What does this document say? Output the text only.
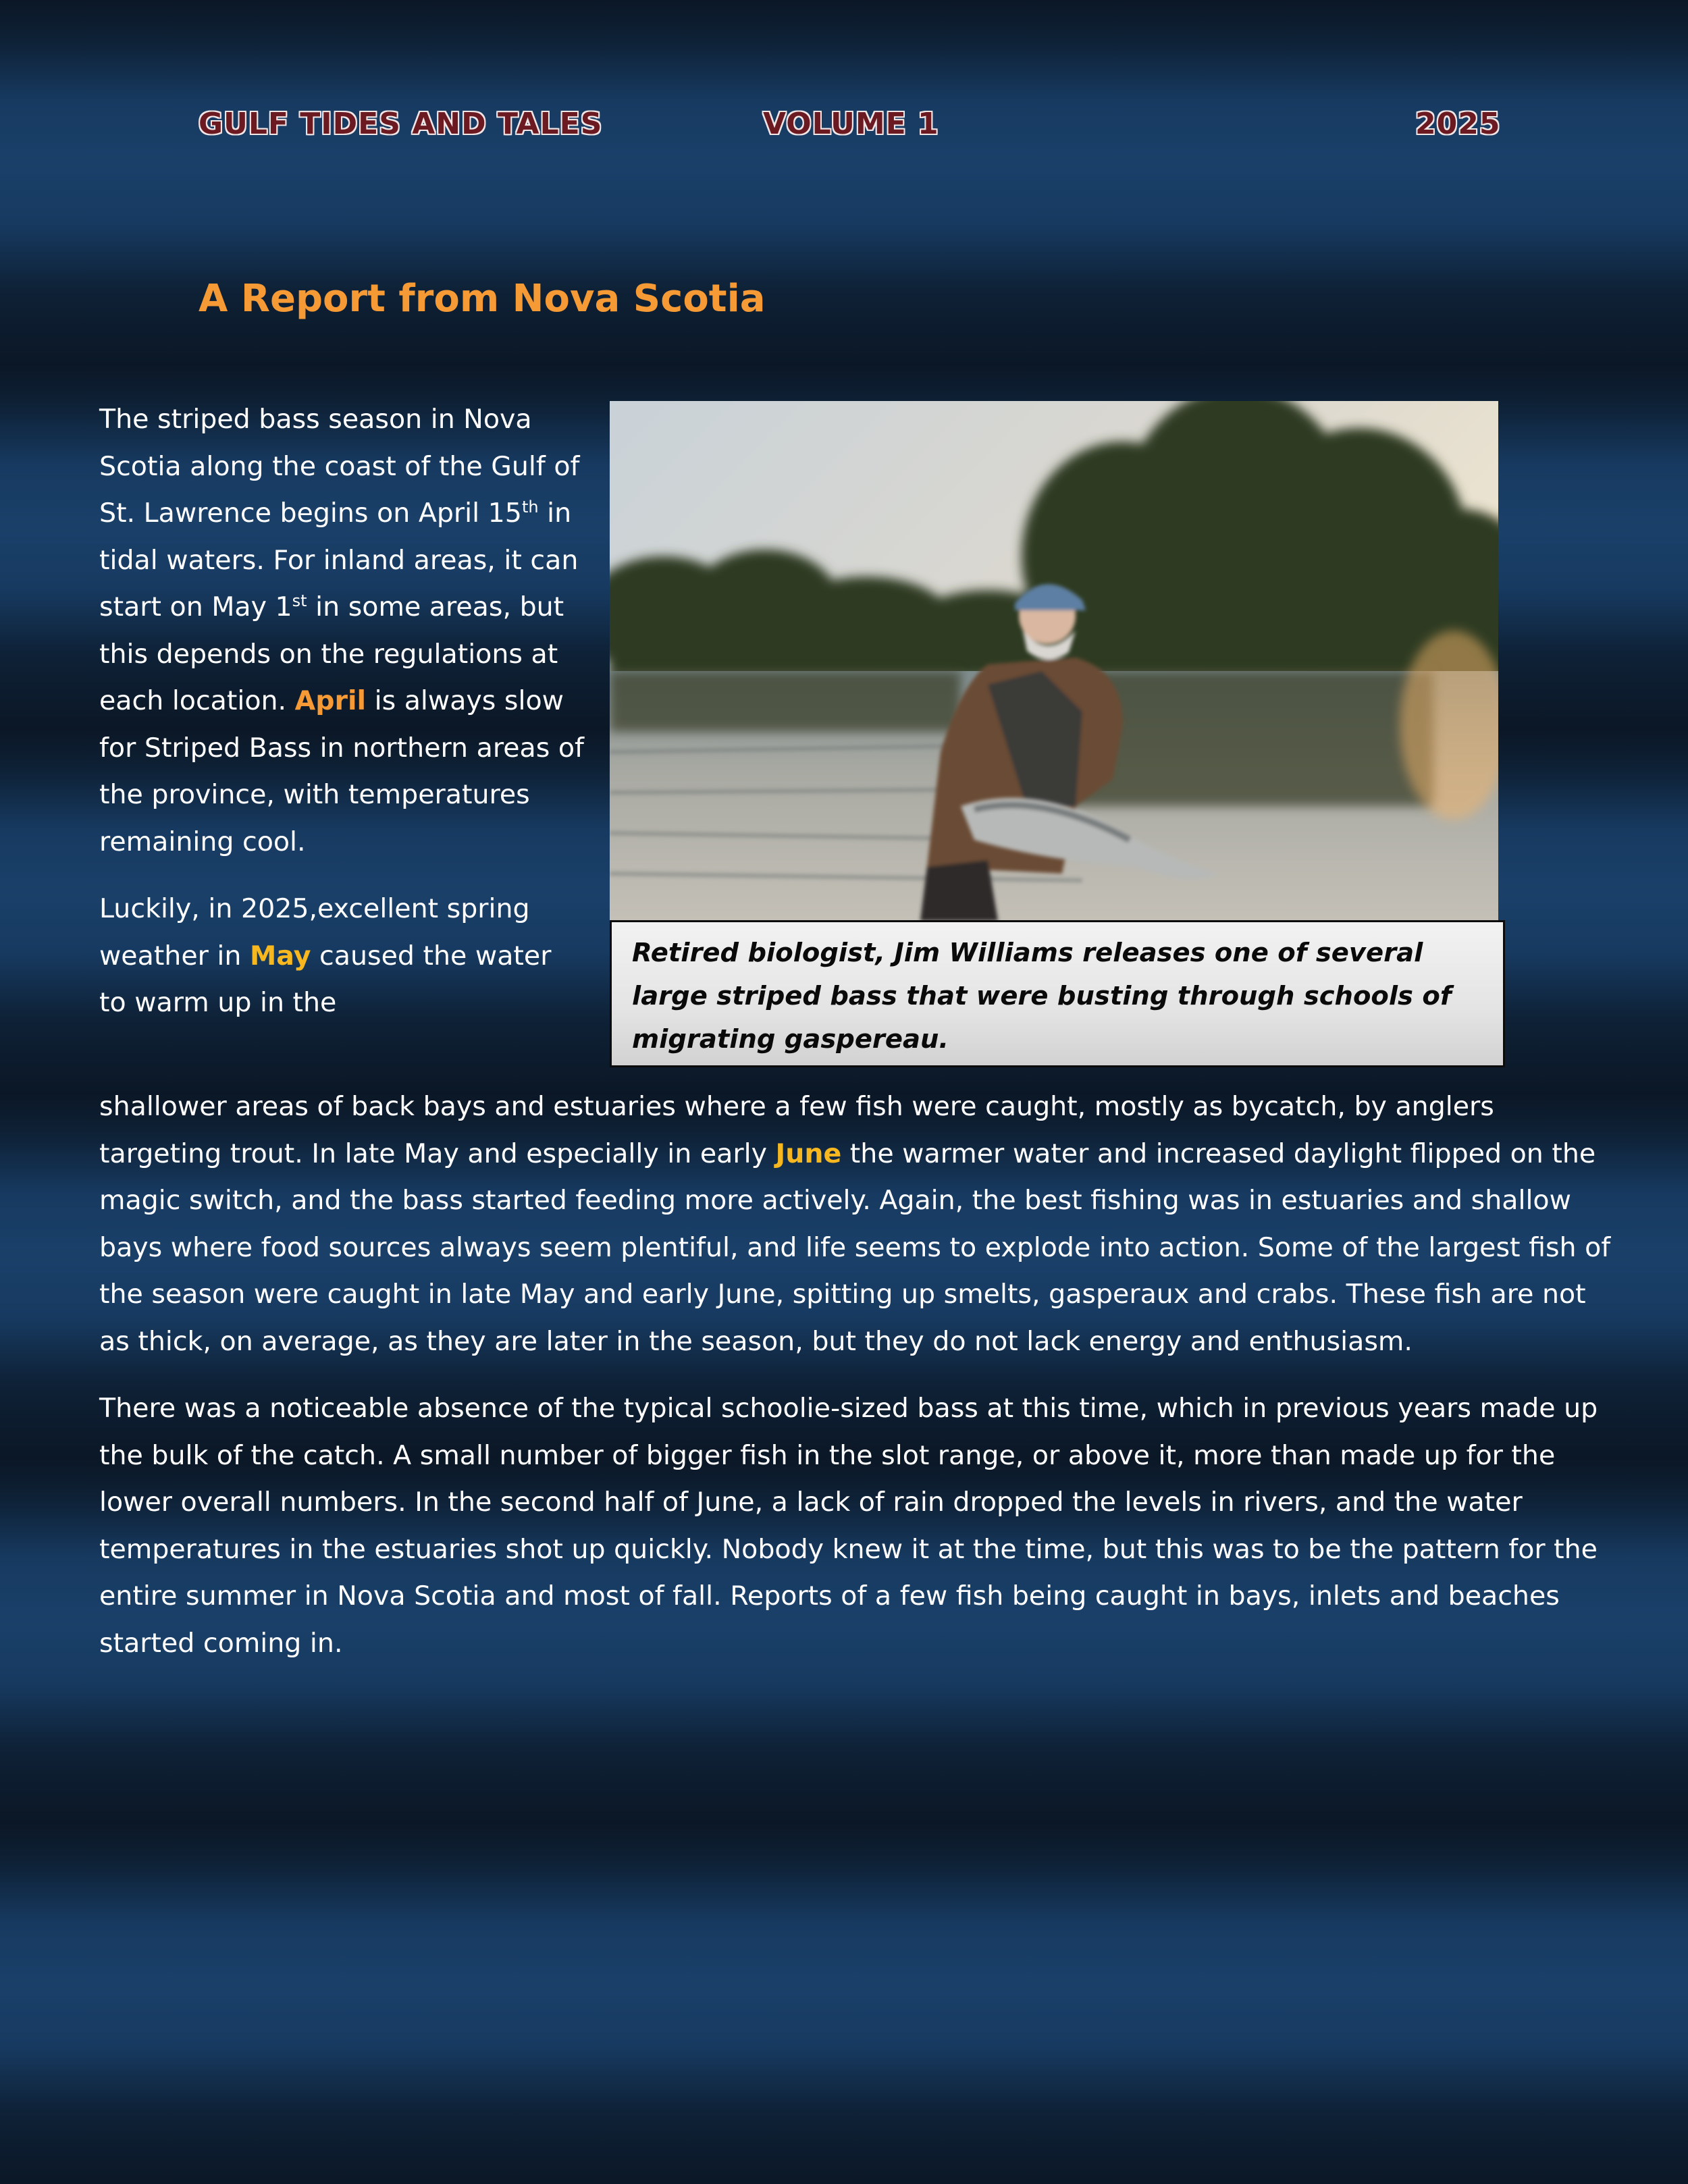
GULF TIDES AND TALES	VOLUME 1	2025
A Report from Nova Scotia

The striped bass season in Nova Scotia along the coast of the Gulf of St. Lawrence begins on April 15th in tidal waters. For inland areas, it can start on May 1st in some areas, but this depends on the regulations at each location. April is always slow for Striped Bass in northern areas of the province, with temperatures remaining cool.

Luckily, in 2025,excellent spring weather in May caused the water to warm up in the

Retired biologist, Jim Williams releases one of several large striped bass that were busting through schools of migrating gaspereau.

shallower areas of back bays and estuaries where a few fish were caught, mostly as bycatch, by anglers targeting trout. In late May and especially in early June the warmer water and increased daylight flipped on the magic switch, and the bass started feeding more actively. Again, the best fishing was in estuaries and shallow bays where food sources always seem plentiful, and life seems to explode into action. Some of the largest fish of the season were caught in late May and early June, spitting up smelts, gasperaux and crabs. These fish are not as thick, on average, as they are later in the season, but they do not lack energy and enthusiasm.

There was a noticeable absence of the typical schoolie-sized bass at this time, which in previous years made up the bulk of the catch. A small number of bigger fish in the slot range, or above it, more than made up for the lower overall numbers. In the second half of June, a lack of rain dropped the levels in rivers, and the water temperatures in the estuaries shot up quickly. Nobody knew it at the time, but this was to be the pattern for the entire summer in Nova Scotia and most of fall. Reports of a few fish being caught in bays, inlets and beaches started coming in.
